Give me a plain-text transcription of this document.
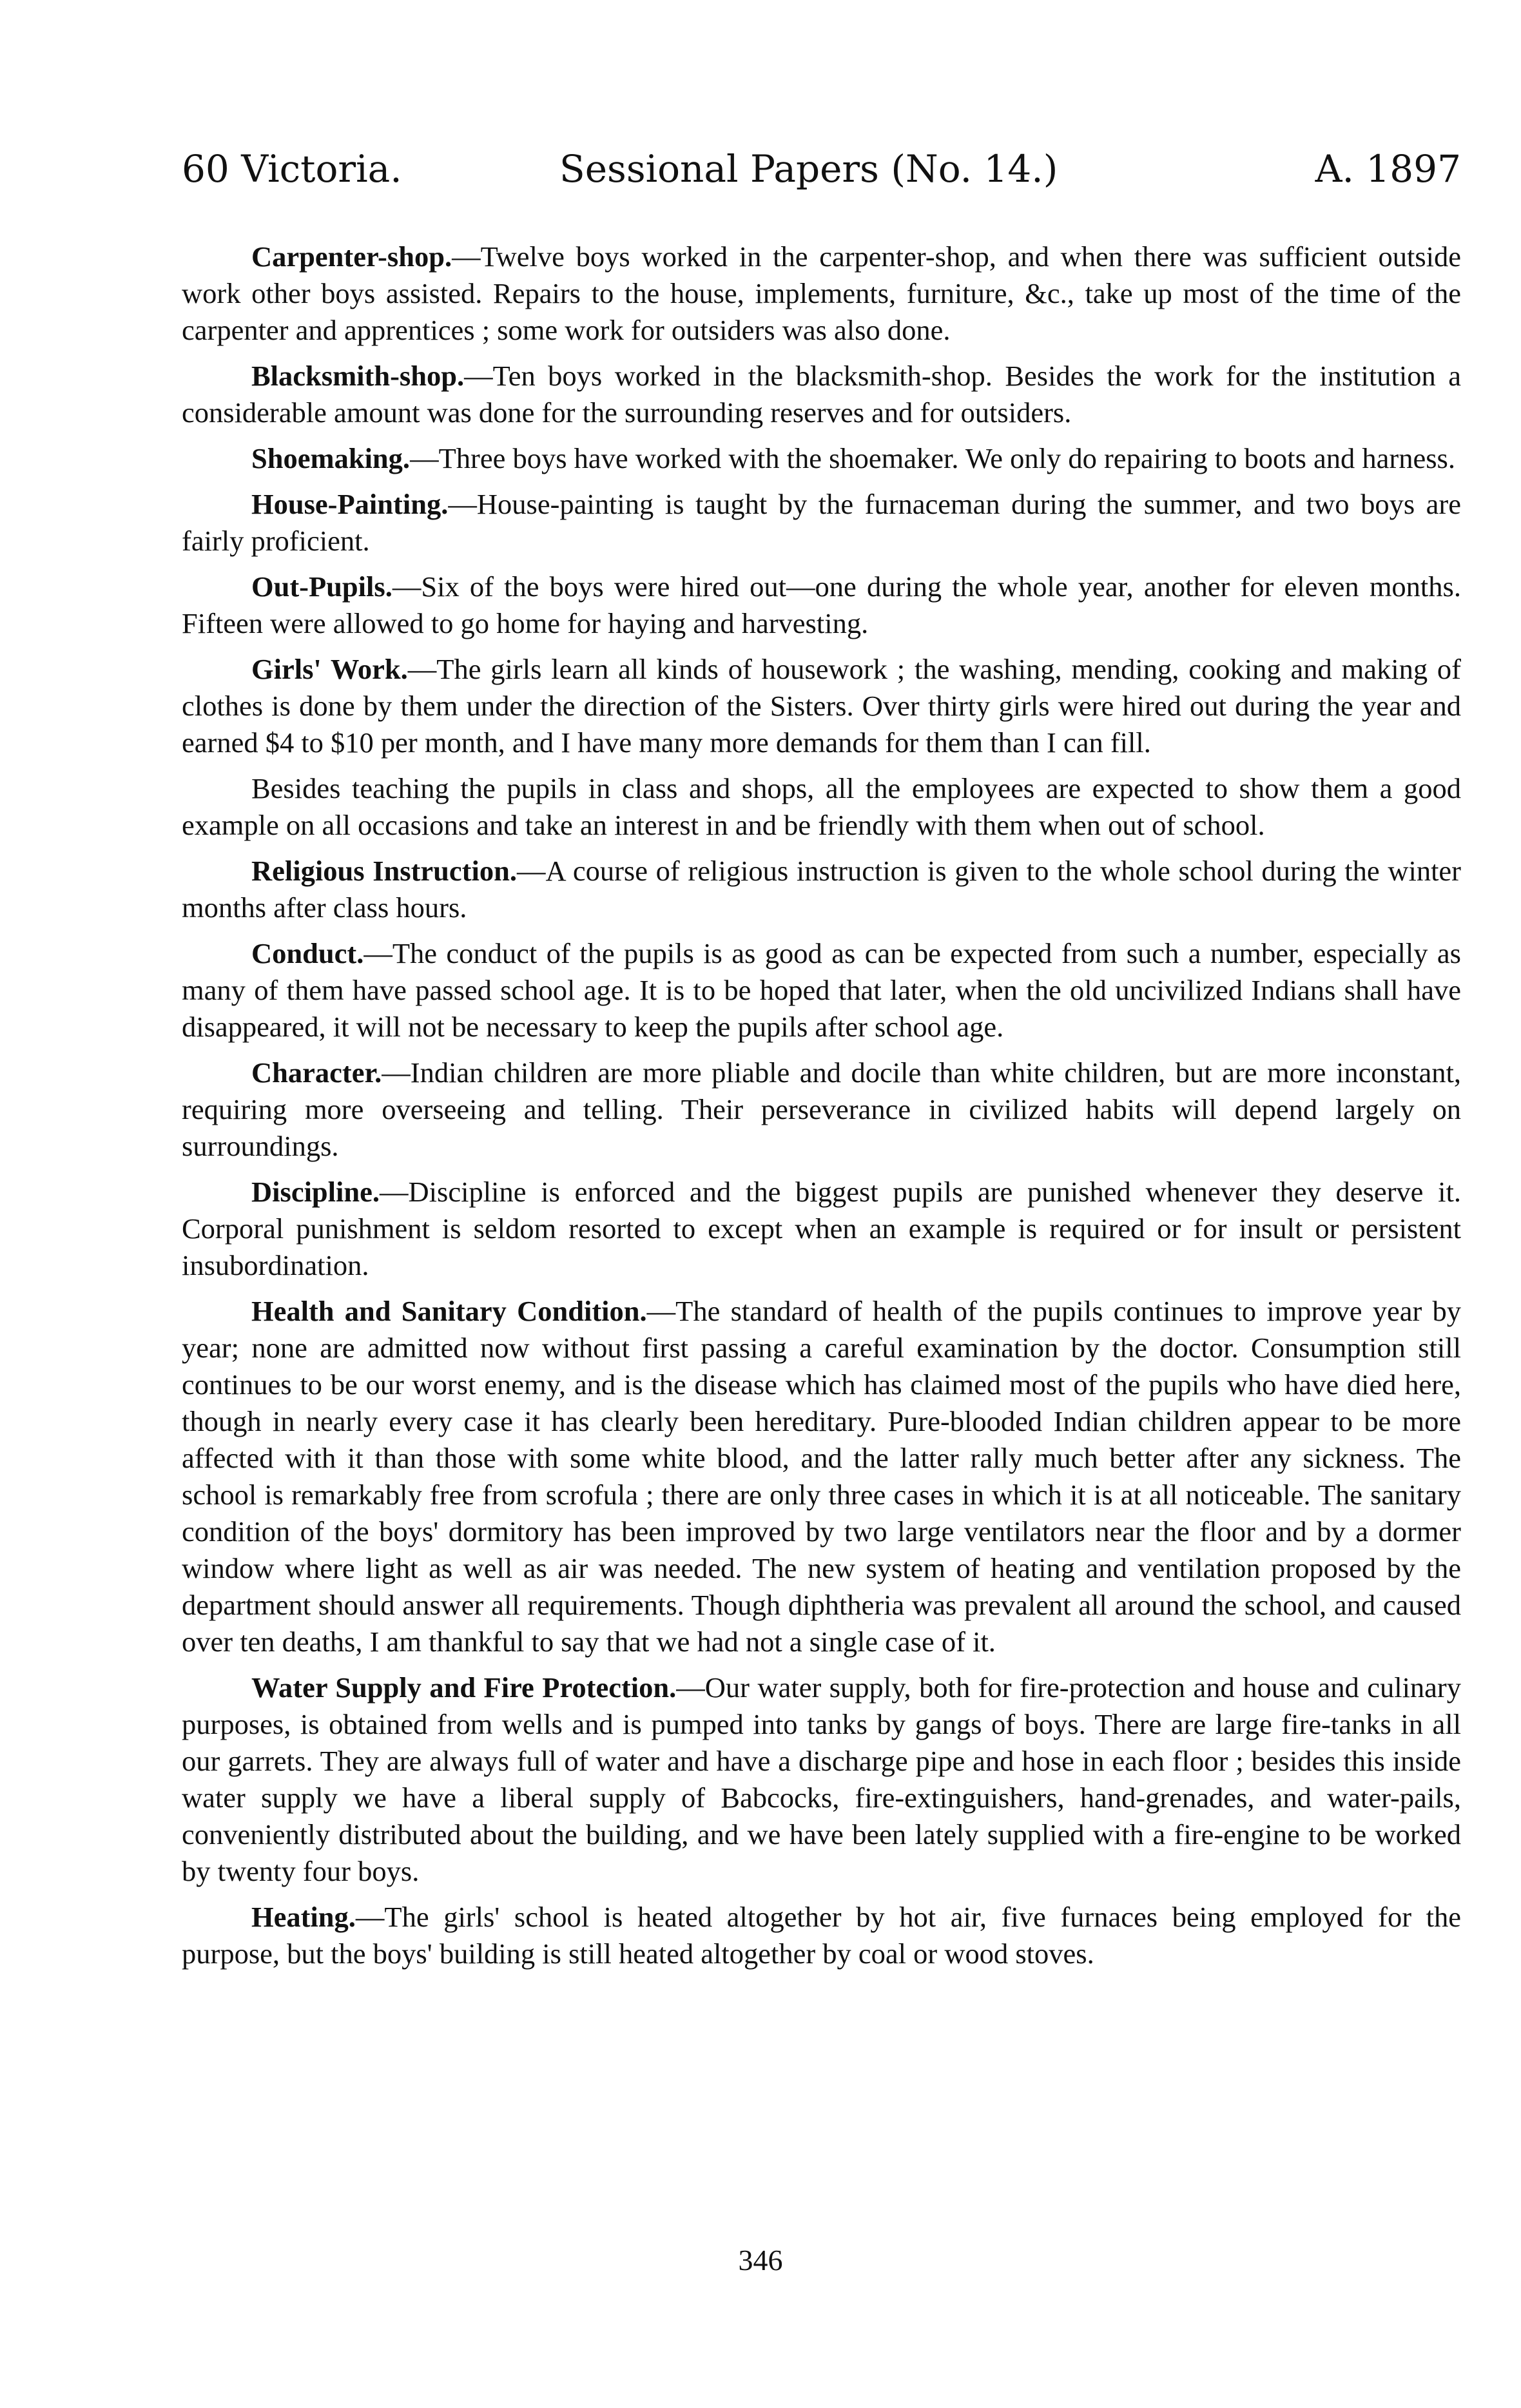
60 Victoria.	Sessional Papers (No. 14.)	A. 1897

Carpenter-shop.—Twelve boys worked in the carpenter-shop, and when there was sufficient outside work other boys assisted. Repairs to the house, implements, furniture, &c., take up most of the time of the carpenter and apprentices ; some work for outsiders was also done.

Blacksmith-shop.—Ten boys worked in the blacksmith-shop. Besides the work for the institution a considerable amount was done for the surrounding reserves and for outsiders.

Shoemaking.—Three boys have worked with the shoemaker. We only do repairing to boots and harness.

House-Painting.—House-painting is taught by the furnaceman during the summer, and two boys are fairly proficient.

Out-Pupils.—Six of the boys were hired out—one during the whole year, another for eleven months. Fifteen were allowed to go home for haying and harvesting.

Girls' Work.—The girls learn all kinds of housework ; the washing, mending, cooking and making of clothes is done by them under the direction of the Sisters. Over thirty girls were hired out during the year and earned $4 to $10 per month, and I have many more demands for them than I can fill.

Besides teaching the pupils in class and shops, all the employees are expected to show them a good example on all occasions and take an interest in and be friendly with them when out of school.

Religious Instruction.—A course of religious instruction is given to the whole school during the winter months after class hours.

Conduct.—The conduct of the pupils is as good as can be expected from such a number, especially as many of them have passed school age. It is to be hoped that later, when the old uncivilized Indians shall have disappeared, it will not be necessary to keep the pupils after school age.

Character.—Indian children are more pliable and docile than white children, but are more inconstant, requiring more overseeing and telling. Their perseverance in civilized habits will depend largely on surroundings.

Discipline.—Discipline is enforced and the biggest pupils are punished whenever they deserve it. Corporal punishment is seldom resorted to except when an example is required or for insult or persistent insubordination.

Health and Sanitary Condition.—The standard of health of the pupils continues to improve year by year; none are admitted now without first passing a careful examination by the doctor. Consumption still continues to be our worst enemy, and is the disease which has claimed most of the pupils who have died here, though in nearly every case it has clearly been hereditary. Pure-blooded Indian children appear to be more affected with it than those with some white blood, and the latter rally much better after any sickness. The school is remarkably free from scrofula ; there are only three cases in which it is at all noticeable. The sanitary condition of the boys' dormitory has been improved by two large ventilators near the floor and by a dormer window where light as well as air was needed. The new system of heating and ventilation proposed by the department should answer all requirements. Though diphtheria was prevalent all around the school, and caused over ten deaths, I am thankful to say that we had not a single case of it.

Water Supply and Fire Protection.—Our water supply, both for fire-protection and house and culinary purposes, is obtained from wells and is pumped into tanks by gangs of boys. There are large fire-tanks in all our garrets. They are always full of water and have a discharge pipe and hose in each floor ; besides this inside water supply we have a liberal supply of Babcocks, fire-extinguishers, hand-grenades, and water-pails, conveniently distributed about the building, and we have been lately supplied with a fire-engine to be worked by twenty four boys.

Heating.—The girls' school is heated altogether by hot air, five furnaces being employed for the purpose, but the boys' building is still heated altogether by coal or wood stoves.

346
